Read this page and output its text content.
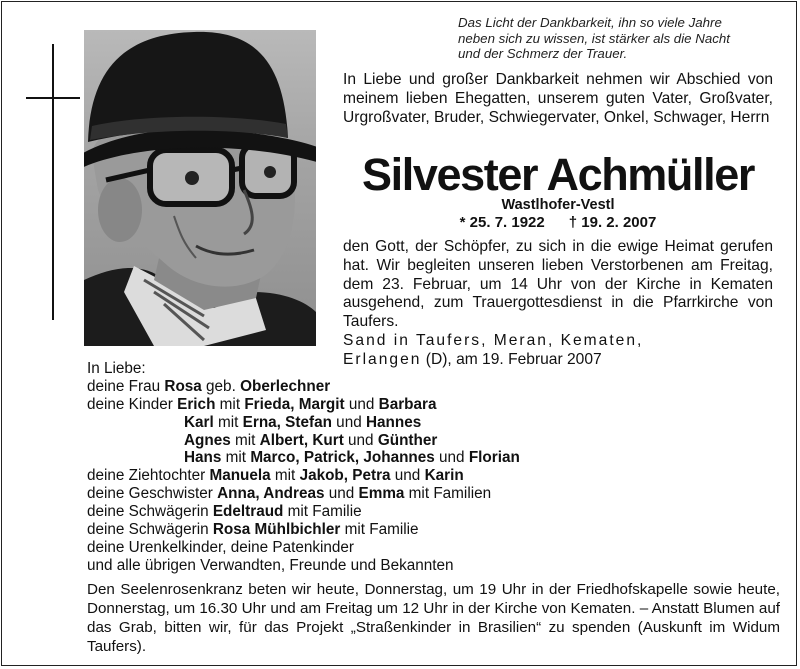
Das Licht der Dankbarkeit, ihn so viele Jahre
neben sich zu wissen, ist stärker als die Nacht
und der Schmerz der Trauer.
In Liebe und großer Dankbarkeit nehmen wir Abschied von meinem lieben Ehegatten, unserem guten Vater, Großvater, Urgroßvater, Bruder, Schwiegervater, Onkel, Schwager, Herrn
Silvester Achmüller
Wastlhofer-Vestl
* 25. 7. 1922 † 19. 2. 2007
den Gott, der Schöpfer, zu sich in die ewige Heimat gerufen hat. Wir begleiten unseren lieben Verstorbenen am Freitag, dem 23. Februar, um 14 Uhr von der Kirche in Kematen ausgehend, zum Trauergottesdienst in die Pfarrkirche von Taufers.
Sand in Taufers, Meran, Kematen,
Erlangen (D), am 19. Februar 2007
In Liebe:
deine Frau Rosa geb. Oberlechner
deine Kinder Erich mit Frieda, Margit und Barbara
Karl mit Erna, Stefan und Hannes
Agnes mit Albert, Kurt und Günther
Hans mit Marco, Patrick, Johannes und Florian
deine Ziehtochter Manuela mit Jakob, Petra und Karin
deine Geschwister Anna, Andreas und Emma mit Familien
deine Schwägerin Edeltraud mit Familie
deine Schwägerin Rosa Mühlbichler mit Familie
deine Urenkelkinder, deine Patenkinder
und alle übrigen Verwandten, Freunde und Bekannten
Den Seelenrosenkranz beten wir heute, Donnerstag, um 19 Uhr in der Friedhofskapelle sowie heute, Donnerstag, um 16.30 Uhr und am Freitag um 12 Uhr in der Kirche von Kematen. – Anstatt Blumen auf das Grab, bitten wir, für das Projekt „Straßenkinder in Brasilien“ zu spenden (Auskunft im Widum Taufers).
